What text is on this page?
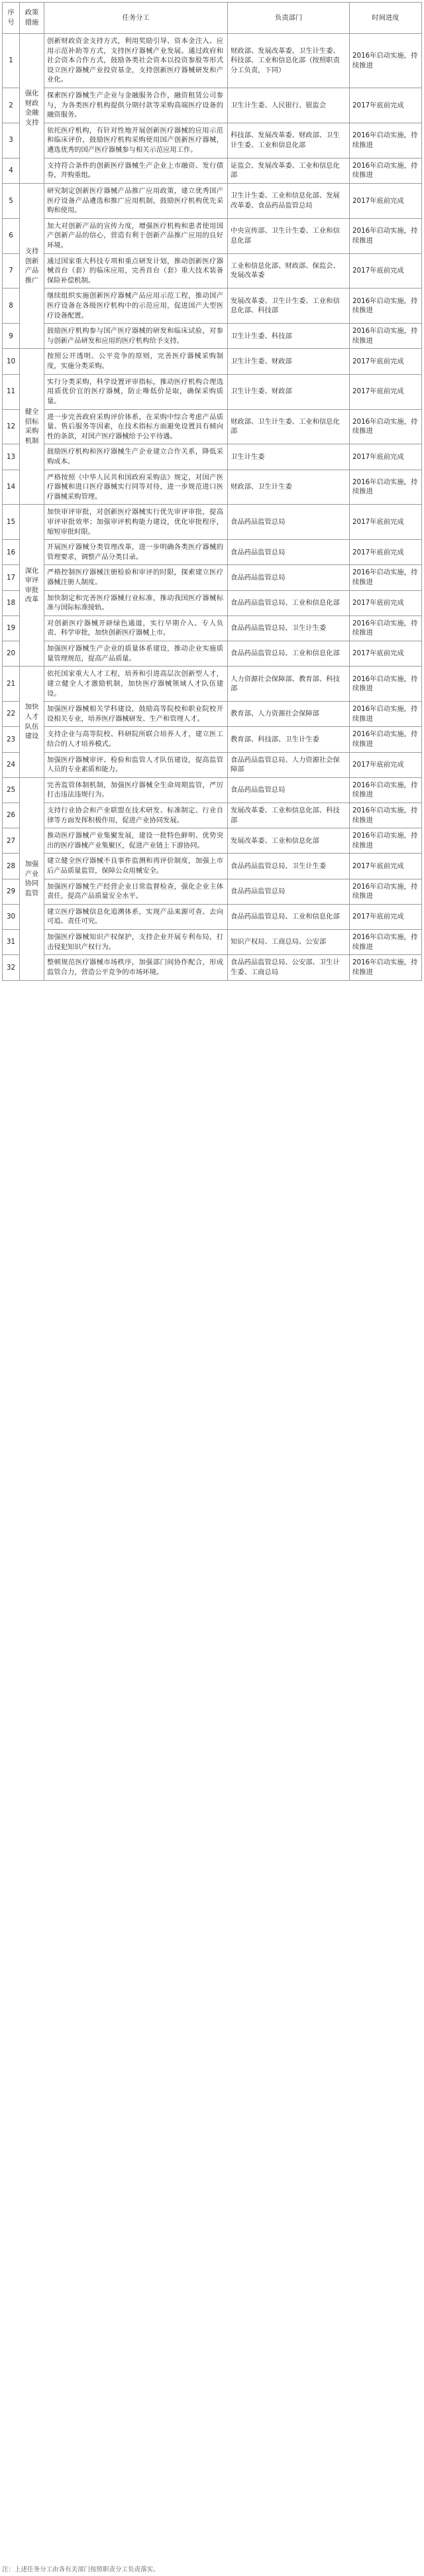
序号	政策措施	任务分工	负责部门	时间进度
1	强化财政金融支持	创新财政资金支持方式，利用奖励引导、资本金注入、应用示范补助等方式，支持医疗器械产业发展。通过政府和社会资本合作方式，鼓励各类社会资本以投资参股等形式设立医疗器械产业投资基金，支持创新医疗器械研发和产业化。	财政部、发展改革委、卫生计生委、科技部、工业和信息化部（按照职责分工负责，下同）	2016年启动实施，持续推进
2		探索医疗器械生产企业与金融服务合作，融资租赁公司参与，为各类医疗机构提供分期付款等采购高端医疗设备的融资服务。	卫生计生委、人民银行、银监会	2017年底前完成
3		依托医疗机构，有针对性地开展创新医疗器械的应用示范和临床评价，鼓励医疗机构采购使用国产创新医疗器械，遴选优秀的国产医疗器械参与相关示范应用工作。	科技部、发展改革委、财政部、卫生计生委、工业和信息化部	2016年启动实施，持续推进
4		支持符合条件的创新医疗器械生产企业上市融资、发行债券，并购重组。	证监会、发展改革委、工业和信息化部	2016年启动实施，持续推进
5	支持创新产品推广	研究制定创新医疗器械产品推广应用政策，建立优秀国产医疗设备产品遴选和推广应用机制，鼓励医疗机构优先采购和使用。	卫生计生委、工业和信息化部、发展改革委、食品药品监管总局	2017年底前完成
6		加大对创新产品的宣传力度，增强医疗机构和患者使用国产创新产品的信心，营造有利于创新产品推广应用的良好环境。	中央宣传部、卫生计生委、工业和信息化部	2016年启动实施，持续推进
7		通过国家重大科技专项和重点研发计划，推动创新医疗器械首台（套）的临床应用，完善首台（套）重大技术装备保险补偿机制。	工业和信息化部、财政部、保监会、发展改革委	2017年底前完成
8		继续组织实施创新医疗器械产品应用示范工程，推动国产医疗设备在各级医疗机构中的示范应用，促进国产大型医疗设备配置。	发展改革委、卫生计生委、工业和信息化部、科技部	2016年启动实施，持续推进
9		鼓励医疗机构参与国产医疗器械的研发和临床试验，对参与创新产品研发和应用的医疗机构给予支持。	卫生计生委、科技部	2016年启动实施，持续推进
10	健全招标采购机制	按照公开透明、公平竞争的原则，完善医疗器械采购制度，实施分类采购。	卫生计生委、财政部	2017年底前完成
11		实行分类采购，科学设置评审指标，推动医疗机构合理选用质优价宜的医疗器械，防止唯低价是取，确保采购质量。	卫生计生委、财政部	2017年底前完成
12		进一步完善政府采购评价体系，在采购中综合考虑产品质量、售后服务等因素，在技术指标方面避免设置具有倾向性的条款，对国产医疗器械给予公平待遇。	财政部、卫生计生委、工业和信息化部	2016年启动实施，持续推进
13		鼓励医疗机构和医疗器械生产企业建立合作关系，降低采购成本。	卫生计生委	2017年底前完成
14		严格按照《中华人民共和国政府采购法》规定，对国产医疗器械和进口医疗器械实行同等对待，进一步规范进口医疗器械采购管理。	财政部、卫生计生委	2016年启动实施，持续推进
15	深化审评审批改革	加快审评审批，对创新医疗器械实行优先审评审批，提高审评审批效率；加强审评机构能力建设，优化审批程序，缩短审批时限。	食品药品监管总局	2017年底前完成
16		开展医疗器械分类管理改革，进一步明确各类医疗器械的管理要求，调整产品分类目录。	食品药品监管总局	2017年底前完成
17		严格控制医疗器械注册检验和审评的时限，探索建立医疗器械注册人制度。	食品药品监管总局	2016年启动实施，持续推进
18		加快制定和完善医疗器械行业标准，推动我国医疗器械标准与国际标准接轨。	食品药品监管总局、工业和信息化部	2017年底前完成
19		对创新医疗器械开辟绿色通道，实行早期介入、专人负责、科学审批，加快创新医疗器械上市。	食品药品监管总局、卫生计生委	2016年启动实施，持续推进
20		加强医疗器械生产企业的质量体系建设，推动企业实施质量管理规范，提高产品质量。	食品药品监管总局、工业和信息化部	2017年底前完成
21	加快人才队伍建设	依托国家重大人才工程，培养和引进高层次创新型人才，建立健全人才激励机制，加快医疗器械领域人才队伍建设。	人力资源社会保障部、教育部、科技部	2016年启动实施，持续推进
22		加强医疗器械相关学科建设，鼓励高等院校和职业院校开设相关专业，培养医疗器械研发、生产和管理人才。	教育部、人力资源社会保障部	2016年启动实施，持续推进
23		支持企业与高等院校、科研院所联合培养人才，建立医工结合的人才培养模式。	教育部、科技部、卫生计生委	2016年启动实施，持续推进
24		加强医疗器械审评、检验和监管人才队伍建设，提高监管人员的专业素质和能力。	食品药品监管总局、人力资源社会保障部	2017年底前完成
25	加强产业协同监管	完善监管体制机制，加强医疗器械全生命周期监管，严厉打击违法违规行为。	食品药品监管总局	2016年启动实施，持续推进
26		支持行业协会和产业联盟在技术研发、标准制定、行业自律等方面发挥积极作用，促进产业协同发展。	发展改革委、工业和信息化部、科技部	2016年启动实施，持续推进
27		推动医疗器械产业集聚发展，建设一批特色鲜明、优势突出的医疗器械产业集聚区，促进产业链上下游协同。	发展改革委、工业和信息化部	2016年启动实施，持续推进
28		建立健全医疗器械不良事件监测和再评价制度，加强上市后产品质量监管，保障公众用械安全。	食品药品监管总局、卫生计生委	2017年底前完成
29		加强医疗器械生产经营企业日常监督检查，强化企业主体责任，提高产品质量安全水平。	食品药品监管总局	2016年启动实施，持续推进
30		建立医疗器械信息化追溯体系，实现产品来源可查、去向可追、责任可究。	食品药品监管总局、工业和信息化部	2017年底前完成
31		加强医疗器械知识产权保护，支持企业开展专利布局，打击侵犯知识产权行为。	知识产权局、工商总局、公安部	2016年启动实施，持续推进
32		整顿规范医疗器械市场秩序，加强部门间协作配合，形成监管合力，营造公平竞争的市场环境。	食品药品监管总局、公安部、卫生计生委、工商总局	2016年启动实施，持续推进
注：上述任务分工由各有关部门按照职责分工负责落实。
